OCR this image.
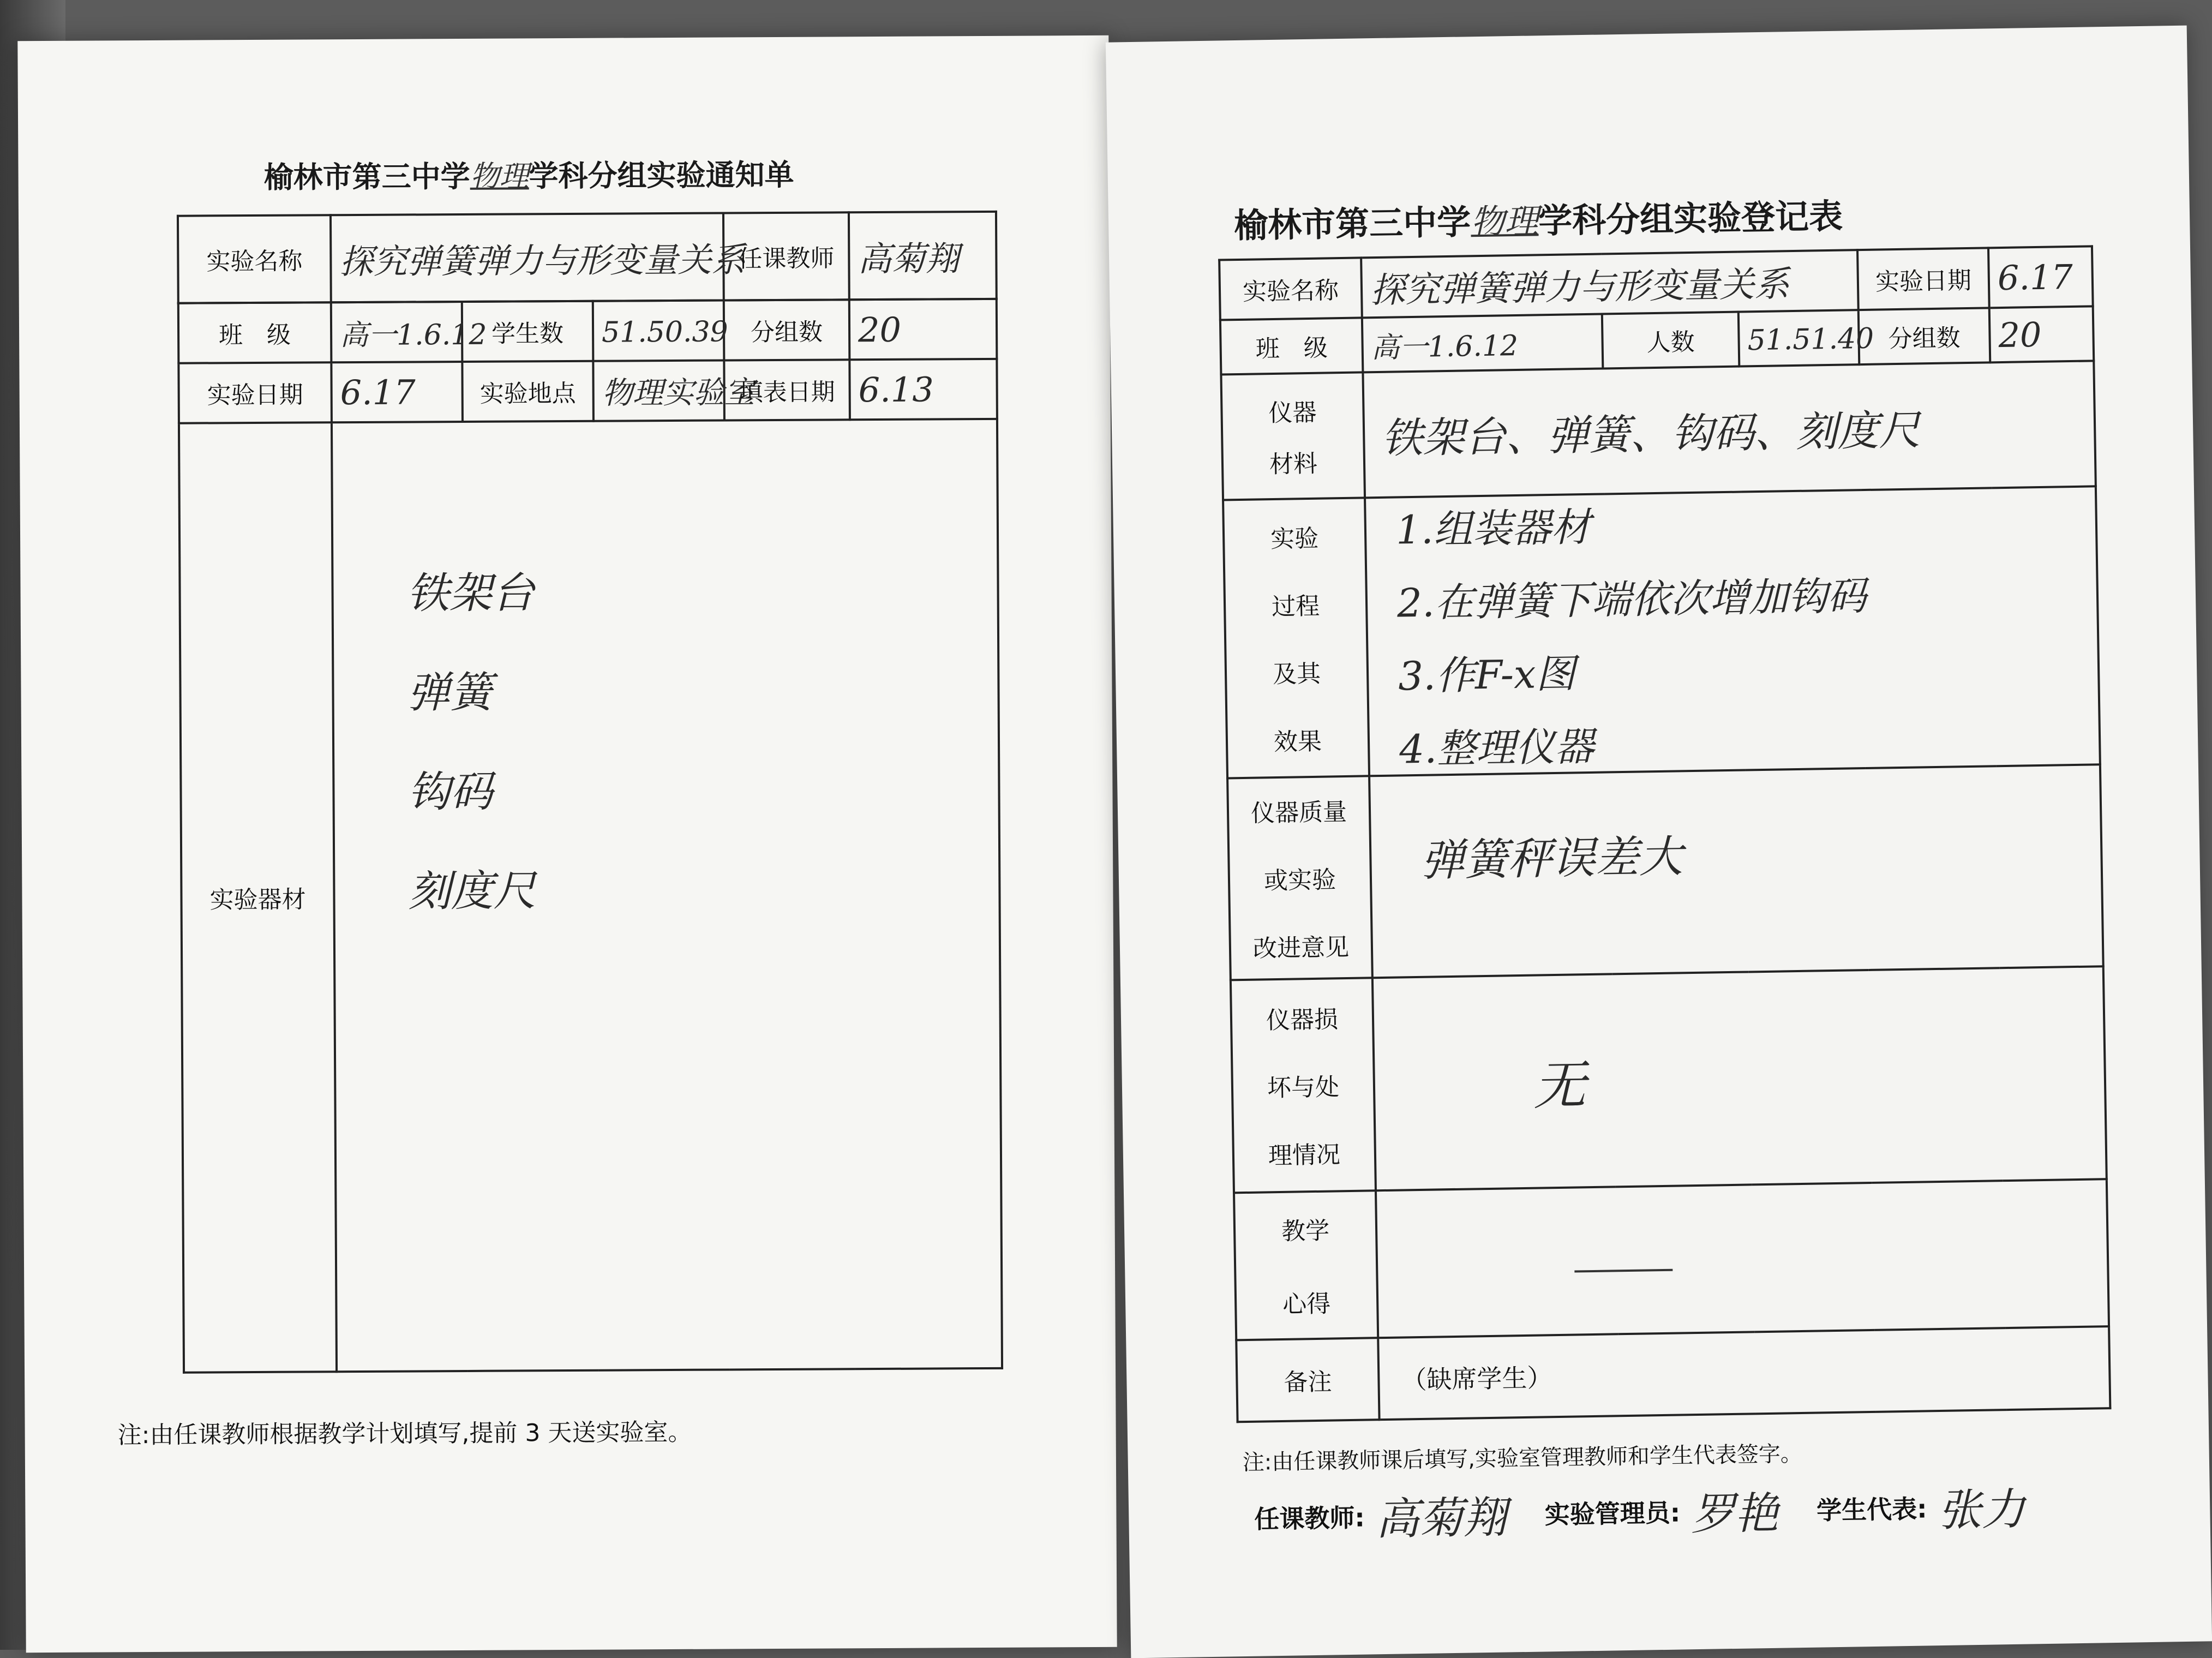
榆林市第三中学物理学科分组实验通知单
实验名称	探究弹簧弹力与形变量关系	任课教师	高菊翔
班　级	高一1.6.12	学生数	51.50.39	分组数	20
实验日期	6.17	实验地点	物理实验室	填表日期	6.13
实验器材	铁架台
弹簧
钩码
刻度尺				
注:由任课教师根据教学计划填写,提前 3 天送实验室。
榆林市第三中学物理学科分组实验登记表
实验名称	探究弹簧弹力与形变量关系			实验日期	6.17
班　级	高一1.6.12	人数	51.51.40	分组数	20

仪器
材料	铁架台、弹簧、钩码、刻度尺				

实验
过程
及其
效果	1.组装器材
2.在弹簧下端依次增加钩码
3.作F-x图
4.整理仪器				

仪器质量
或实验
改进意见	弹簧秤误差大				

仪器损
坏与处
理情况	无				

教学
心得					

备注	（缺席学生）				
注:由任课教师课后填写,实验室管理教师和学生代表签字。
任课教师: 高菊翔 实验管理员: 罗艳 学生代表: 张力
